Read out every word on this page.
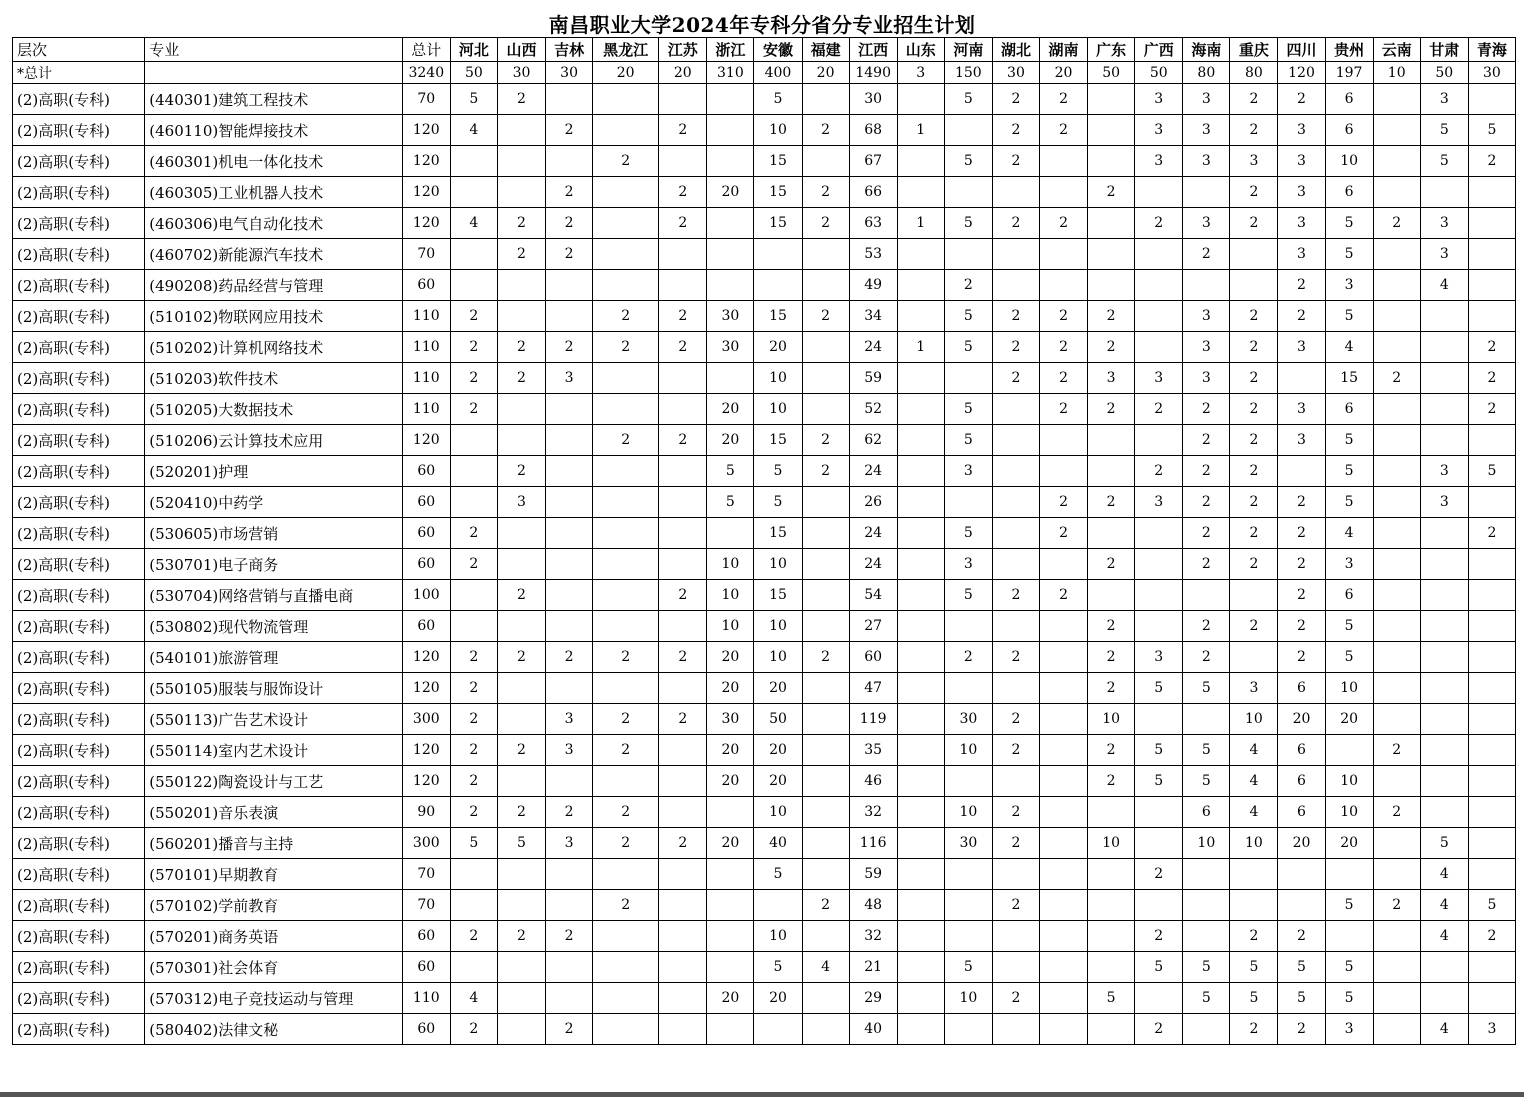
南昌职业大学2024年专科分省分专业招生计划
层次	专业	总计	河北	山西	吉林	黑龙江	江苏	浙江	安徽	福建	江西	山东	河南	湖北	湖南	广东	广西	海南	重庆	四川	贵州	云南	甘肃	青海
*总计		3240	50	30	30	20	20	310	400	20	1490	3	150	30	20	50	50	80	80	120	197	10	50	30
(2)高职(专科)	(440301)建筑工程技术	70	5	2					5		30		5	2	2		3	3	2	2	6		3	
(2)高职(专科)	(460110)智能焊接技术	120	4		2		2		10	2	68	1		2	2		3	3	2	3	6		5	5
(2)高职(专科)	(460301)机电一体化技术	120				2			15		67		5	2			3	3	3	3	10		5	2
(2)高职(专科)	(460305)工业机器人技术	120			2		2	20	15	2	66					2			2	3	6			
(2)高职(专科)	(460306)电气自动化技术	120	4	2	2		2		15	2	63	1	5	2	2		2	3	2	3	5	2	3	
(2)高职(专科)	(460702)新能源汽车技术	70		2	2						53							2		3	5		3	
(2)高职(专科)	(490208)药品经营与管理	60									49		2							2	3		4	
(2)高职(专科)	(510102)物联网应用技术	110	2			2	2	30	15	2	34		5	2	2	2		3	2	2	5			
(2)高职(专科)	(510202)计算机网络技术	110	2	2	2	2	2	30	20		24	1	5	2	2	2		3	2	3	4			2
(2)高职(专科)	(510203)软件技术	110	2	2	3				10		59			2	2	3	3	3	2		15	2		2
(2)高职(专科)	(510205)大数据技术	110	2					20	10		52		5		2	2	2	2	2	3	6			2
(2)高职(专科)	(510206)云计算技术应用	120				2	2	20	15	2	62		5					2	2	3	5			
(2)高职(专科)	(520201)护理	60		2				5	5	2	24		3				2	2	2		5		3	5
(2)高职(专科)	(520410)中药学	60		3				5	5		26				2	2	3	2	2	2	5		3	
(2)高职(专科)	(530605)市场营销	60	2						15		24		5		2			2	2	2	4			2
(2)高职(专科)	(530701)电子商务	60	2					10	10		24		3			2		2	2	2	3			
(2)高职(专科)	(530704)网络营销与直播电商	100		2			2	10	15		54		5	2	2					2	6			
(2)高职(专科)	(530802)现代物流管理	60						10	10		27					2		2	2	2	5			
(2)高职(专科)	(540101)旅游管理	120	2	2	2	2	2	20	10	2	60		2	2		2	3	2		2	5			
(2)高职(专科)	(550105)服装与服饰设计	120	2					20	20		47					2	5	5	3	6	10			
(2)高职(专科)	(550113)广告艺术设计	300	2		3	2	2	30	50		119		30	2		10			10	20	20			
(2)高职(专科)	(550114)室内艺术设计	120	2	2	3	2		20	20		35		10	2		2	5	5	4	6		2		
(2)高职(专科)	(550122)陶瓷设计与工艺	120	2					20	20		46					2	5	5	4	6	10			
(2)高职(专科)	(550201)音乐表演	90	2	2	2	2			10		32		10	2				6	4	6	10	2		
(2)高职(专科)	(560201)播音与主持	300	5	5	3	2	2	20	40		116		30	2		10		10	10	20	20		5	
(2)高职(专科)	(570101)早期教育	70							5		59						2						4	
(2)高职(专科)	(570102)学前教育	70				2				2	48			2							5	2	4	5
(2)高职(专科)	(570201)商务英语	60	2	2	2				10		32						2		2	2			4	2
(2)高职(专科)	(570301)社会体育	60							5	4	21		5				5	5	5	5	5			
(2)高职(专科)	(570312)电子竞技运动与管理	110	4					20	20		29		10	2		5		5	5	5	5			
(2)高职(专科)	(580402)法律文秘	60	2		2						40						2		2	2	3		4	3
